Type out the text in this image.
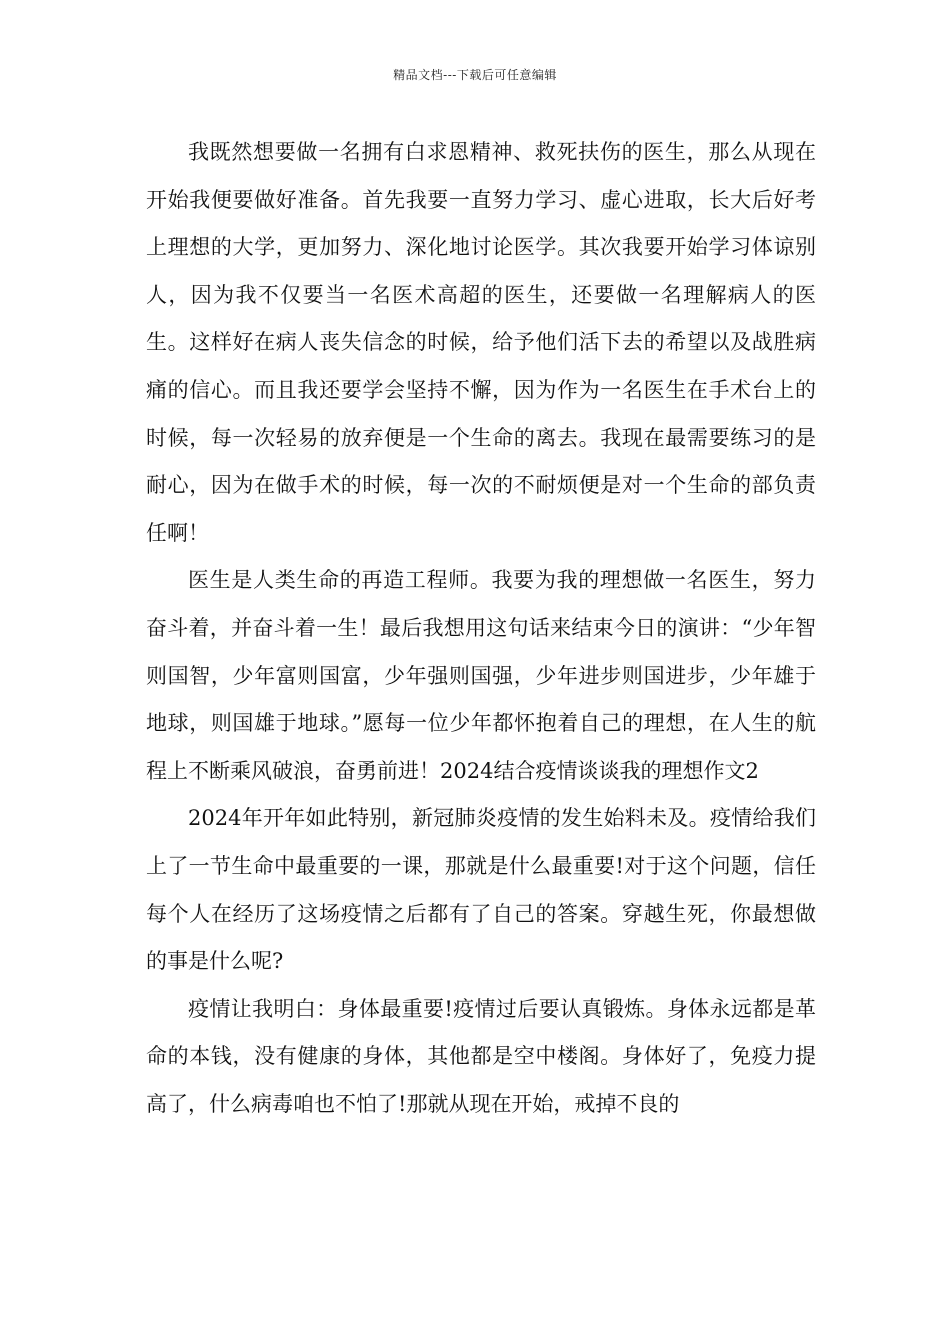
精品文档---下载后可任意编辑

我既然想要做一名拥有白求恩精神、救死扶伤的医生，那么从现在开始我便要做好准备。首先我要一直努力学习、虚心进取，长大后好考上理想的大学，更加努力、深化地讨论医学。其次我要开始学习体谅别人，因为我不仅要当一名医术高超的医生，还要做一名理解病人的医生。这样好在病人丧失信念的时候，给予他们活下去的希望以及战胜病痛的信心。而且我还要学会坚持不懈，因为作为一名医生在手术台上的时候，每一次轻易的放弃便是一个生命的离去。我现在最需要练习的是耐心，因为在做手术的时候，每一次的不耐烦便是对一个生命的部负责任啊！

医生是人类生命的再造工程师。我要为我的理想做一名医生，努力奋斗着，并奋斗着一生！最后我想用这句话来结束今日的演讲：“少年智则国智，少年富则国富，少年强则国强，少年进步则国进步，少年雄于地球，则国雄于地球。”愿每一位少年都怀抱着自己的理想，在人生的航程上不断乘风破浪，奋勇前进！2024结合疫情谈谈我的理想作文2

2024年开年如此特别，新冠肺炎疫情的发生始料未及。疫情给我们上了一节生命中最重要的一课，那就是什么最重要!对于这个问题，信任每个人在经历了这场疫情之后都有了自己的答案。穿越生死，你最想做的事是什么呢?

疫情让我明白：身体最重要!疫情过后要认真锻炼。身体永远都是革命的本钱，没有健康的身体，其他都是空中楼阁。身体好了，免疫力提高了，什么病毒咱也不怕了!那就从现在开始，戒掉不良的
